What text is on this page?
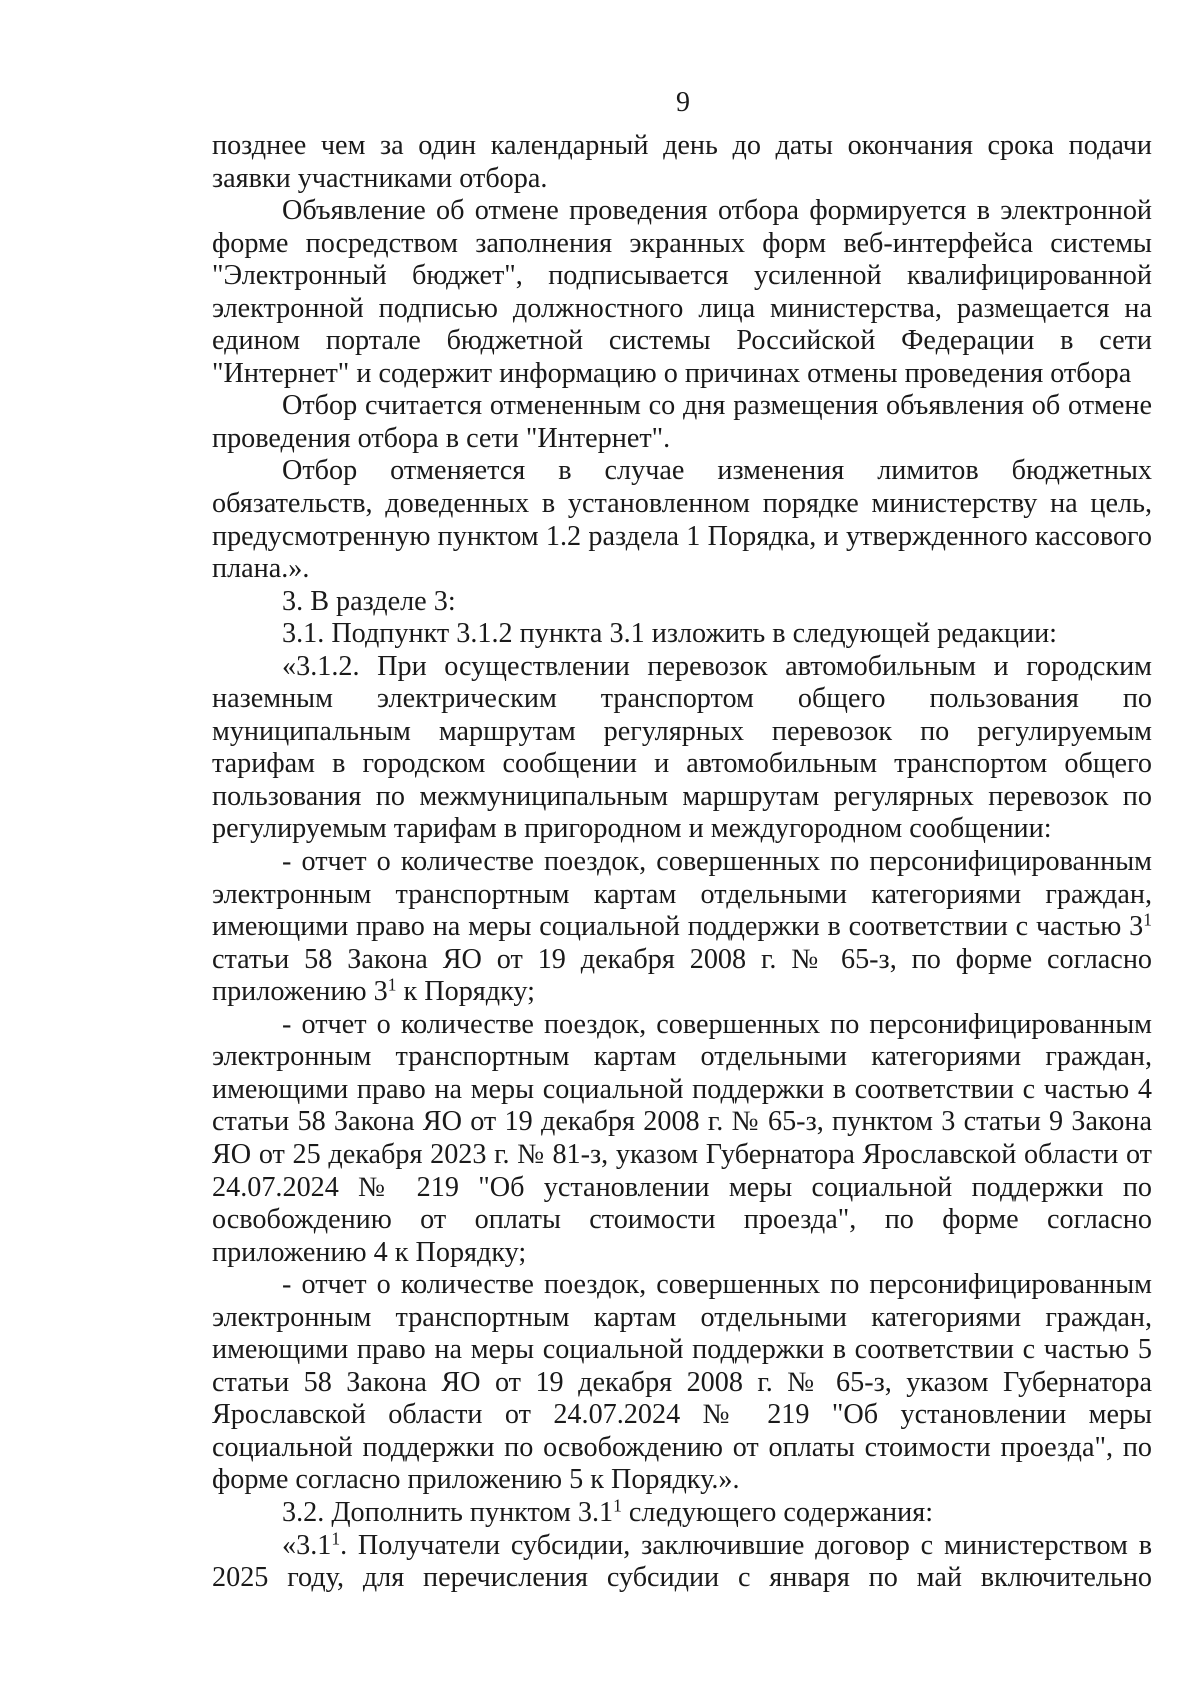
9

позднее чем за один календарный день до даты окончания срока подачи заявки участниками отбора.

Объявление об отмене проведения отбора формируется в электронной форме посредством заполнения экранных форм веб-интерфейса системы "Электронный бюджет", подписывается усиленной квалифицированной электронной подписью должностного лица министерства, размещается на едином портале бюджетной системы Российской Федерации в сети "Интернет" и содержит информацию о причинах отмены проведения отбора

Отбор считается отмененным со дня размещения объявления об отмене проведения отбора в сети "Интернет".

Отбор отменяется в случае изменения лимитов бюджетных обязательств, доведенных в установленном порядке министерству на цель, предусмотренную пунктом 1.2 раздела 1 Порядка, и утвержденного кассового плана.».

3. В разделе 3:

3.1. Подпункт 3.1.2 пункта 3.1 изложить в следующей редакции:

«3.1.2. При осуществлении перевозок автомобильным и городским наземным электрическим транспортом общего пользования по муниципальным маршрутам регулярных перевозок по регулируемым тарифам в городском сообщении и автомобильным транспортом общего пользования по межмуниципальным маршрутам регулярных перевозок по регулируемым тарифам в пригородном и междугородном сообщении:

- отчет о количестве поездок, совершенных по персонифицированным электронным транспортным картам отдельными категориями граждан, имеющими право на меры социальной поддержки в соответствии с частью $3^1$ статьи 58 Закона ЯО от 19 декабря 2008 г. № 65-з, по форме согласно приложению $3^1$ к Порядку;

- отчет о количестве поездок, совершенных по персонифицированным электронным транспортным картам отдельными категориями граждан, имеющими право на меры социальной поддержки в соответствии с частью 4 статьи 58 Закона ЯО от 19 декабря 2008 г. № 65-з, пунктом 3 статьи 9 Закона ЯО от 25 декабря 2023 г. № 81-з, указом Губернатора Ярославской области от 24.07.2024 № 219 "Об установлении меры социальной поддержки по освобождению от оплаты стоимости проезда", по форме согласно приложению 4 к Порядку;

- отчет о количестве поездок, совершенных по персонифицированным электронным транспортным картам отдельными категориями граждан, имеющими право на меры социальной поддержки в соответствии с частью 5 статьи 58 Закона ЯО от 19 декабря 2008 г. № 65-з, указом Губернатора Ярославской области от 24.07.2024 № 219 "Об установлении меры социальной поддержки по освобождению от оплаты стоимости проезда", по форме согласно приложению 5 к Порядку.».

3.2. Дополнить пунктом $3.1^1$ следующего содержания:

«$3.1^1$. Получатели субсидии, заключившие договор с министерством в 2025 году, для перечисления субсидии с января по май включительно
